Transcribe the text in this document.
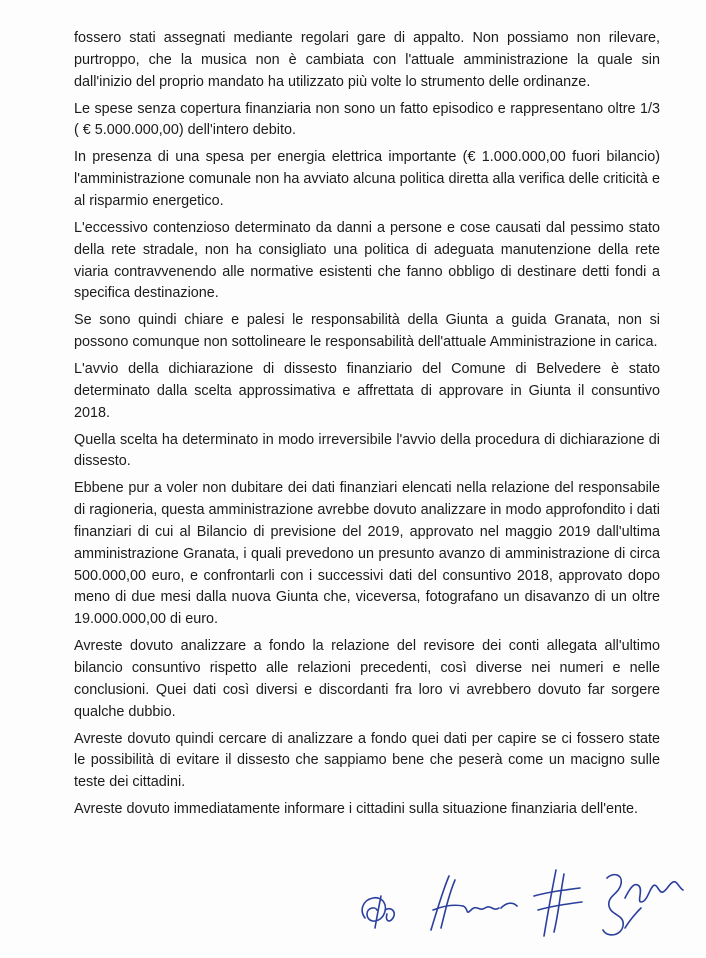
fossero stati assegnati mediante regolari gare di appalto. Non possiamo non rilevare, purtroppo, che la musica non è cambiata con l'attuale amministrazione la quale sin dall'inizio del proprio mandato ha utilizzato più volte lo strumento delle ordinanze.

Le spese senza copertura finanziaria non sono un fatto episodico e rappresentano oltre 1/3 ( € 5.000.000,00) dell'intero debito.

In presenza di una spesa per energia elettrica importante (€ 1.000.000,00 fuori bilancio) l'amministrazione comunale non ha avviato alcuna politica diretta alla verifica delle criticità e al risparmio energetico.

L'eccessivo contenzioso determinato da danni a persone e cose causati dal pessimo stato della rete stradale, non ha consigliato una politica di adeguata manutenzione della rete viaria contravvenendo alle normative esistenti che fanno obbligo di destinare detti fondi a specifica destinazione.

Se sono quindi chiare e palesi le responsabilità della Giunta a guida Granata, non si possono comunque non sottolineare le responsabilità dell'attuale Amministrazione in carica.

L'avvio della dichiarazione di dissesto finanziario del Comune di Belvedere è stato determinato dalla scelta approssimativa e affrettata di approvare in Giunta il consuntivo 2018.

Quella scelta ha determinato in modo irreversibile l'avvio della procedura di dichiarazione di dissesto.

Ebbene pur a voler non dubitare dei dati finanziari elencati nella relazione del responsabile di ragioneria, questa amministrazione avrebbe dovuto analizzare in modo approfondito i dati finanziari di cui al Bilancio di previsione del 2019, approvato nel maggio 2019 dall'ultima amministrazione Granata, i quali prevedono un presunto avanzo di amministrazione di circa 500.000,00 euro, e confrontarli con i successivi dati del consuntivo 2018, approvato dopo meno di due mesi dalla nuova Giunta che, viceversa, fotografano un disavanzo di un oltre 19.000.000,00 di euro.

Avreste dovuto analizzare a fondo la relazione del revisore dei conti allegata all'ultimo bilancio consuntivo rispetto alle relazioni precedenti, così diverse nei numeri e nelle conclusioni. Quei dati così diversi e discordanti fra loro vi avrebbero dovuto far sorgere qualche dubbio.

Avreste dovuto quindi cercare di analizzare a fondo quei dati per capire se ci fossero state le possibilità di evitare il dissesto che sappiamo bene che peserà come un macigno sulle teste dei cittadini.

Avreste dovuto immediatamente informare i cittadini sulla situazione finanziaria dell'ente.
